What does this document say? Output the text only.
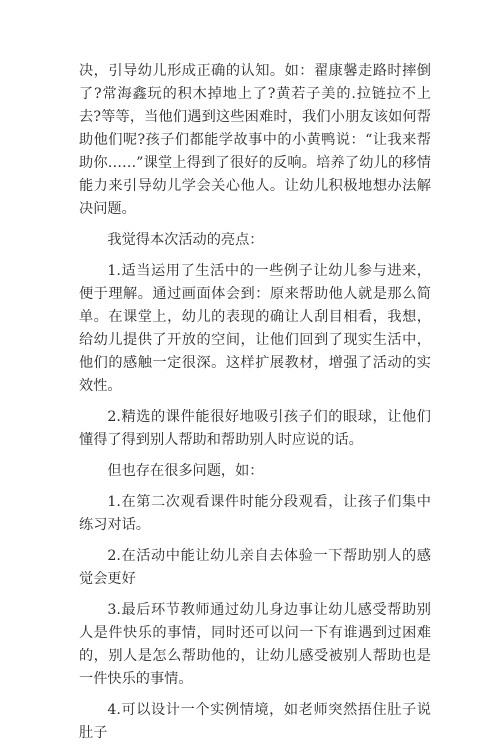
决，引导幼儿形成正确的认知。如：翟康馨走路时摔倒了?常海鑫玩的积木掉地上了?黄若子美的.拉链拉不上去?等等，当他们遇到这些困难时，我们小朋友该如何帮助他们呢?孩子们都能学故事中的小黄鸭说：“让我来帮助你……”课堂上得到了很好的反响。培养了幼儿的移情能力来引导幼儿学会关心他人。让幼儿积极地想办法解决问题。

我觉得本次活动的亮点：

1.适当运用了生活中的一些例子让幼儿参与进来，便于理解。通过画面体会到：原来帮助他人就是那么简单。在课堂上，幼儿的表现的确让人刮目相看，我想，给幼儿提供了开放的空间，让他们回到了现实生活中，他们的感触一定很深。这样扩展教材，增强了活动的实效性。

2.精选的课件能很好地吸引孩子们的眼球，让他们懂得了得到别人帮助和帮助别人时应说的话。

但也存在很多问题，如：

1.在第二次观看课件时能分段观看，让孩子们集中练习对话。

2.在活动中能让幼儿亲自去体验一下帮助别人的感觉会更好

3.最后环节教师通过幼儿身边事让幼儿感受帮助别人是件快乐的事情，同时还可以问一下有谁遇到过困难的，别人是怎么帮助他的，让幼儿感受被别人帮助也是一件快乐的事情。

4.可以设计一个实例情境，如老师突然捂住肚子说肚子
